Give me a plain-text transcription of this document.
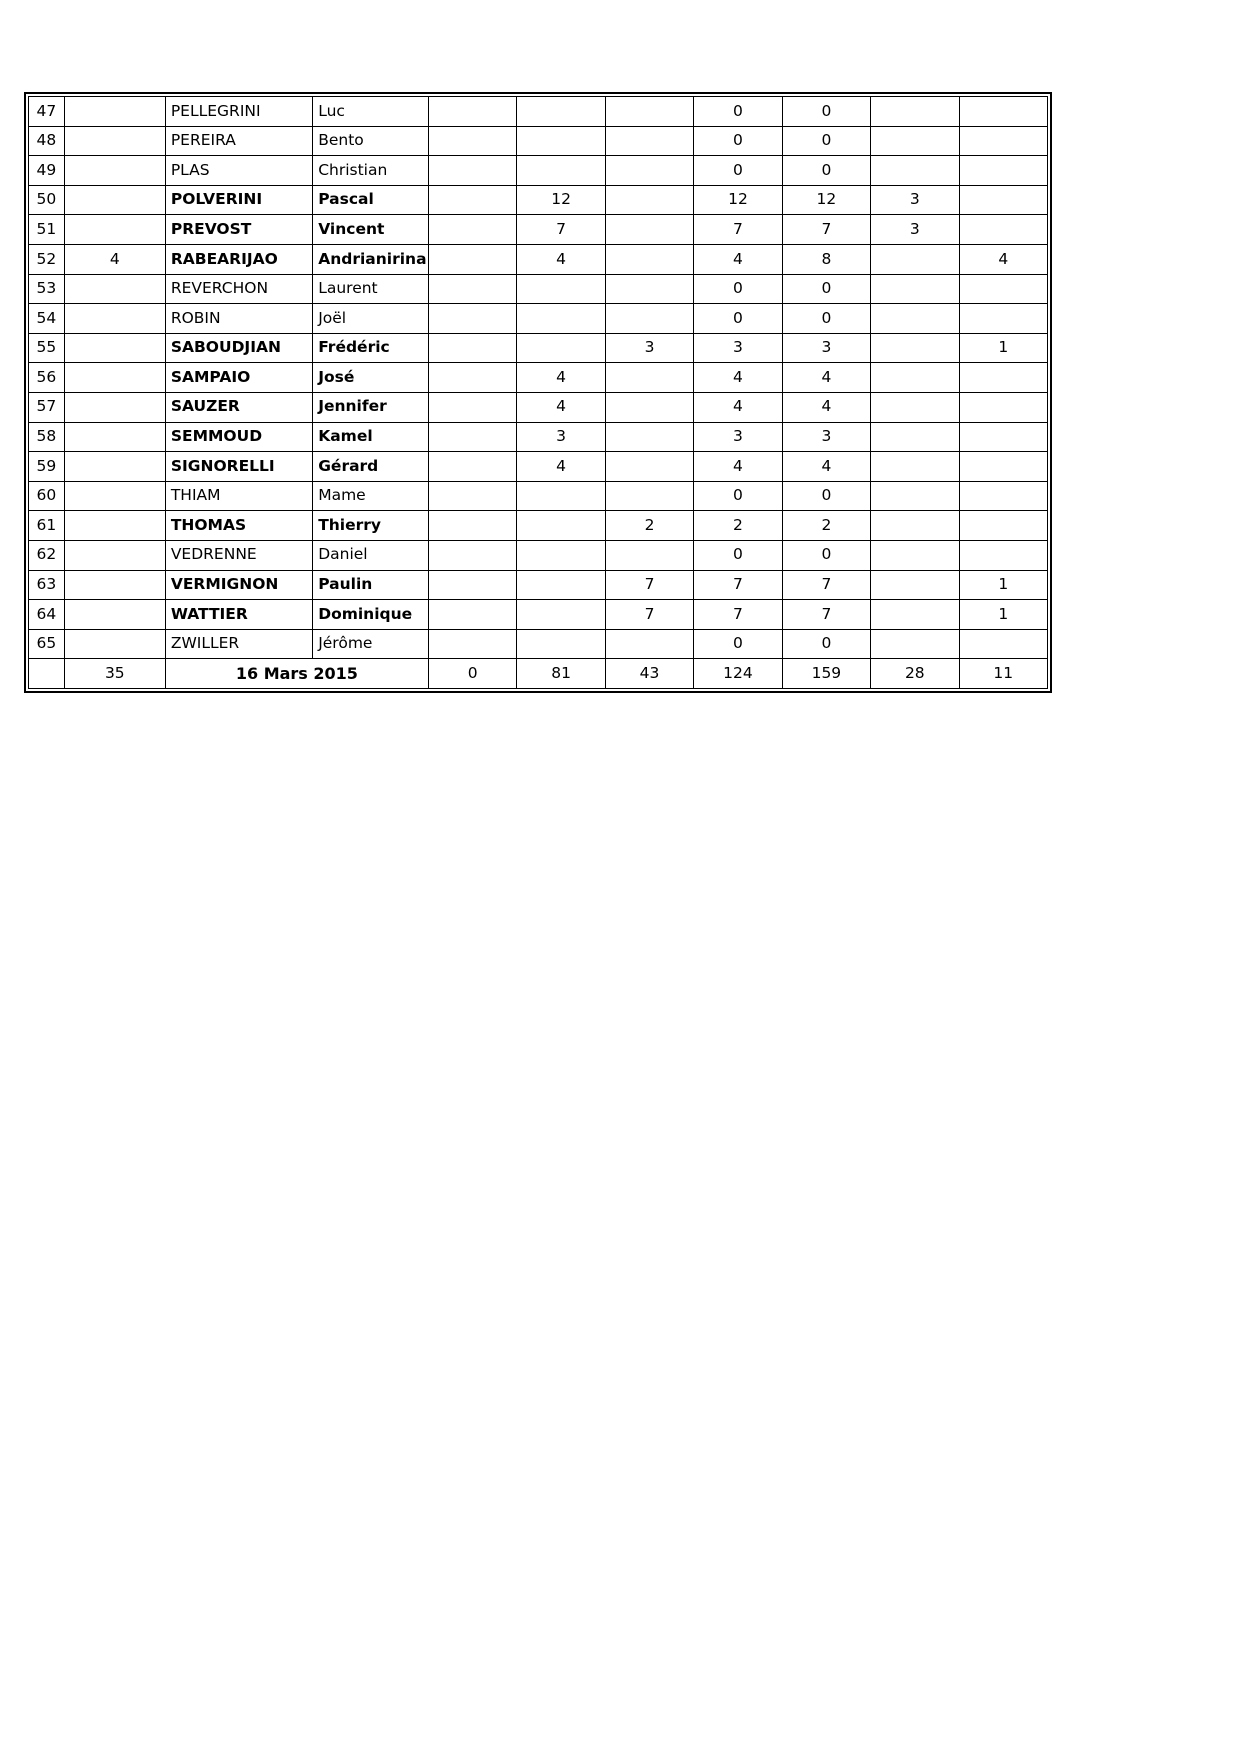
47		PELLEGRINI	Luc				0	0		
48		PEREIRA	Bento				0	0		
49		PLAS	Christian				0	0		
50		POLVERINI	Pascal		12		12	12	3	
51		PREVOST	Vincent		7		7	7	3	
52	4	RABEARIJAO	Andrianirina		4		4	8		4
53		REVERCHON	Laurent				0	0		
54		ROBIN	Joël				0	0		
55		SABOUDJIAN	Frédéric			3	3	3		1
56		SAMPAIO	José		4		4	4		
57		SAUZER	Jennifer		4		4	4		
58		SEMMOUD	Kamel		3		3	3		
59		SIGNORELLI	Gérard		4		4	4		
60		THIAM	Mame				0	0		
61		THOMAS	Thierry			2	2	2		
62		VEDRENNE	Daniel				0	0		
63		VERMIGNON	Paulin			7	7	7		1
64		WATTIER	Dominique			7	7	7		1
65		ZWILLER	Jérôme				0	0		
	35	16 Mars 2015		0	81	43	124	159	28	11
